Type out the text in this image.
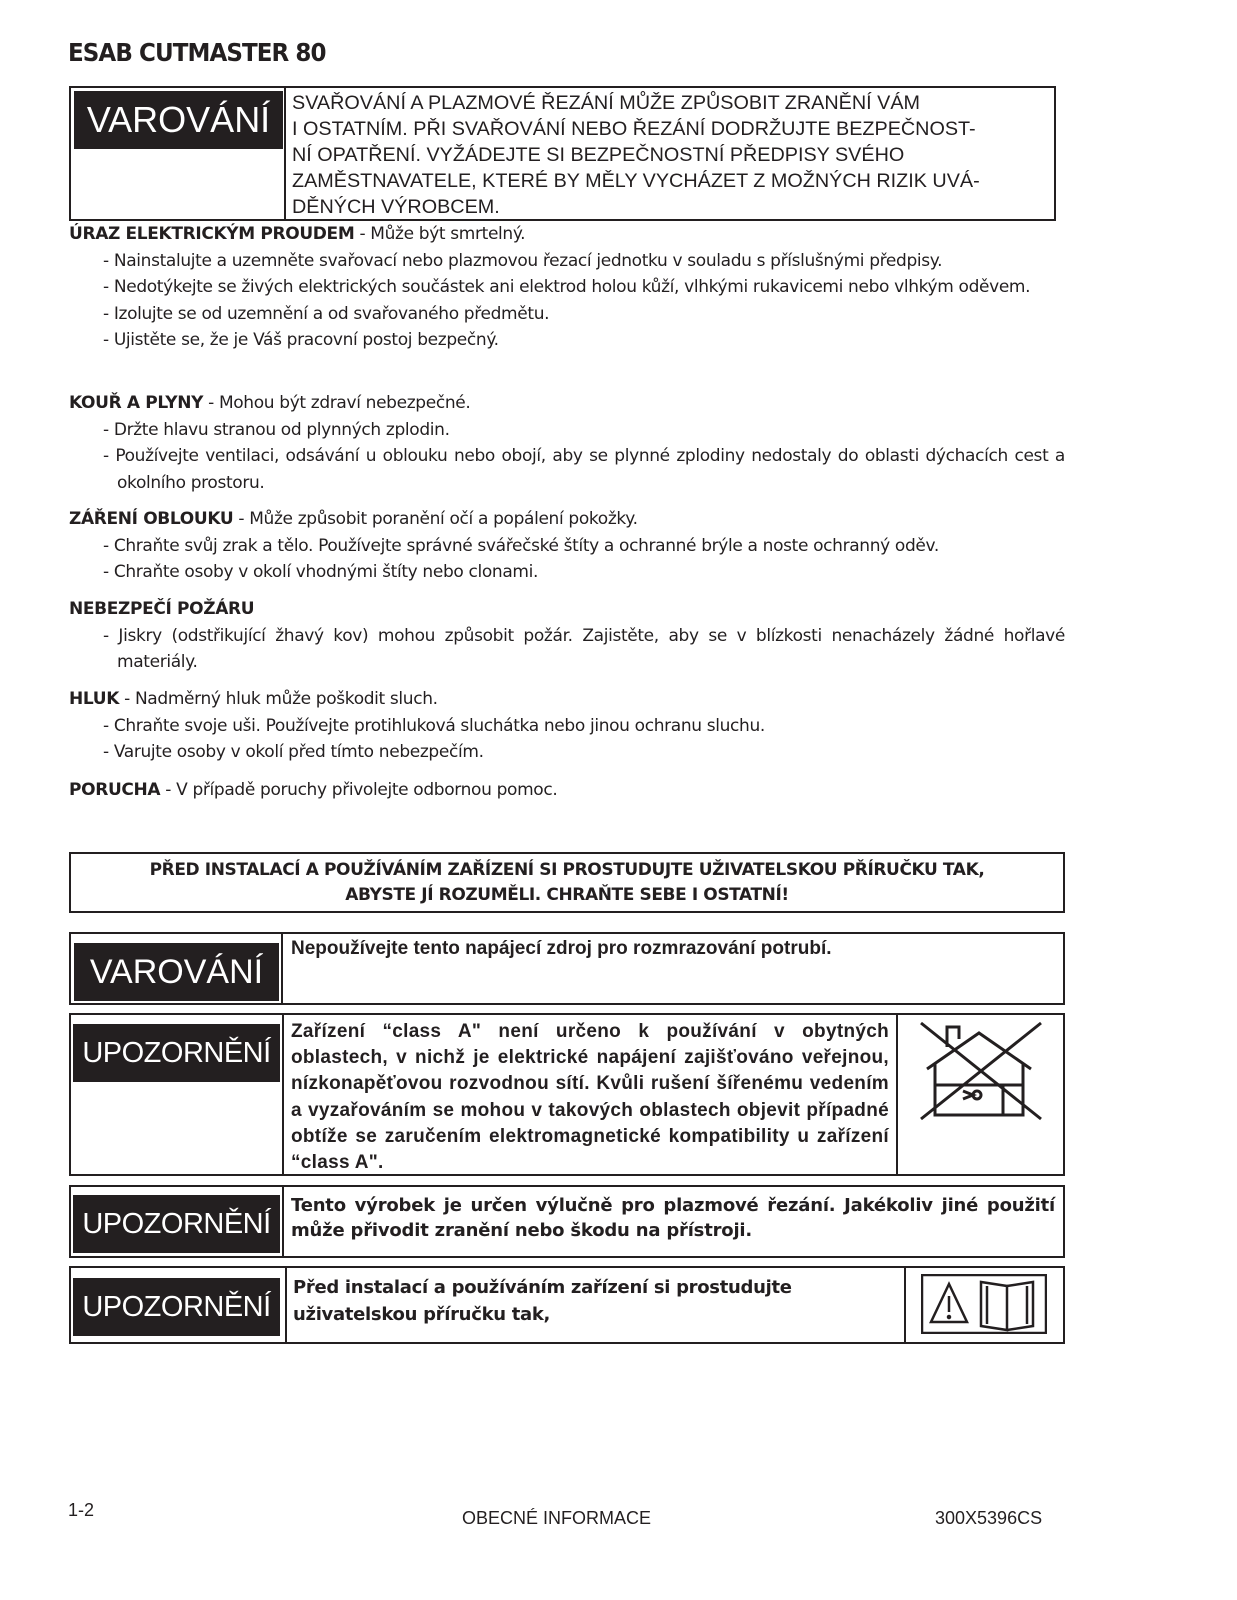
ESAB CUTMASTER 80
VAROVÁNÍ	SVAŘOVÁNÍ A PLAZMOVÉ ŘEZÁNÍ MŮŽE ZPŮSOBIT ZRANĚNÍ VÁM
I OSTATNÍM. PŘI SVAŘOVÁNÍ NEBO ŘEZÁNÍ DODRŽUJTE BEZPEČNOST-
NÍ OPATŘENÍ. VYŽÁDEJTE SI BEZPEČNOSTNÍ PŘEDPISY SVÉHO
ZAMĚSTNAVATELE, KTERÉ BY MĚLY VYCHÁZET Z MOŽNÝCH RIZIK UVÁ-
DĚNÝCH VÝROBCEM.
ÚRAZ ELEKTRICKÝM PROUDEM - Může být smrtelný.
- Nainstalujte a uzemněte svařovací nebo plazmovou řezací jednotku v souladu s příslušnými předpisy.
- Nedotýkejte se živých elektrických součástek ani elektrod holou kůží, vlhkými rukavicemi nebo vlhkým oděvem.
- Izolujte se od uzemnění a od svařovaného předmětu.
- Ujistěte se, že je Váš pracovní postoj bezpečný.
KOUŘ A PLYNY - Mohou být zdraví nebezpečné.
- Držte hlavu stranou od plynných zplodin.
- Používejte ventilaci, odsávání u oblouku nebo obojí, aby se plynné zplodiny nedostaly do oblasti dýchacích cest a okolního prostoru.
ZÁŘENÍ OBLOUKU - Může způsobit poranění očí a popálení pokožky.
- Chraňte svůj zrak a tělo. Používejte správné svářečské štíty a ochranné brýle a noste ochranný oděv.
- Chraňte osoby v okolí vhodnými štíty nebo clonami.
NEBEZPEČÍ POŽÁRU
- Jiskry (odstřikující žhavý kov) mohou způsobit požár. Zajistěte, aby se v blízkosti nenacházely žádné hořlavé materiály.
HLUK - Nadměrný hluk může poškodit sluch.
- Chraňte svoje uši. Používejte protihluková sluchátka nebo jinou ochranu sluchu.
- Varujte osoby v okolí před tímto nebezpečím.
PORUCHA - V případě poruchy přivolejte odbornou pomoc.
PŘED INSTALACÍ A POUŽÍVÁNÍM ZAŘÍZENÍ SI PROSTUDUJTE UŽIVATELSKOU PŘÍRUČKU TAK,
ABYSTE JÍ ROZUMĚLI. CHRAŇTE SEBE I OSTATNÍ!
VAROVÁNÍ
Nepoužívejte tento napájecí zdroj pro rozmrazování potrubí.
UPOZORNĚNÍ
Zařízení “class A" není určeno k používání v obytných oblastech, v nichž je elektrické napájení zajišťováno veřejnou, nízkonapěťovou rozvodnou sítí. Kvůli rušení šířenému vedením a vyzařováním se mohou v takových oblastech objevit případné obtíže se zaručením elektromagnetické kompatibility u zařízení “class A".
UPOZORNĚNÍ
Tento výrobek je určen výlučně pro plazmové řezání. Jakékoliv jiné použití může přivodit zranění nebo škodu na přístroji.
UPOZORNĚNÍ
Před instalací a používáním zařízení si prostudujte
uživatelskou příručku tak,
1-2	OBECNÉ INFORMACE	300X5396CS
